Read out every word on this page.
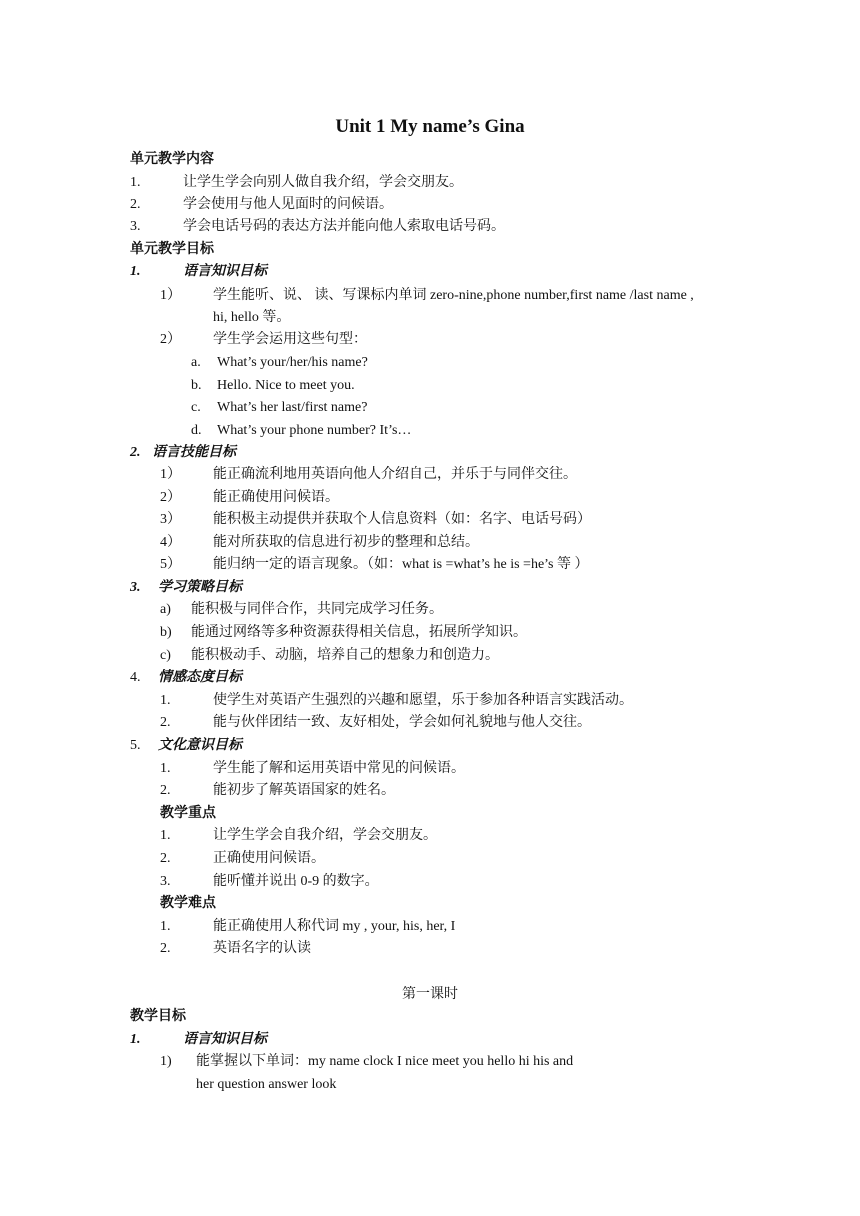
Unit 1 My name’s Gina
单元教学内容
1.	让学生学会向别人做自我介绍，学会交朋友。
2.	学会使用与他人见面时的问候语。
3.	学会电话号码的表达方法并能向他人索取电话号码。
单元教学目标
1.	语言知识目标
1） 学生能听、说、 读、写课标内单词 zero-nine,phone number,first name /last name ,
hi, hello 等。
2） 学生学会运用这些句型：
a. What’s your/her/his name?
b. Hello. Nice to meet you.
c. What’s her last/first name?
d. What’s your phone number? It’s…
2. 语言技能目标
1） 能正确流利地用英语向他人介绍自己，并乐于与同伴交往。
2） 能正确使用问候语。
3） 能积极主动提供并获取个人信息资料（如：名字、电话号码）
4） 能对所获取的信息进行初步的整理和总结。
5） 能归纳一定的语言现象。（如：what is =what’s he is =he’s 等 ）
3. 学习策略目标
a) 能积极与同伴合作，共同完成学习任务。
b) 能通过网络等多种资源获得相关信息，拓展所学知识。
c) 能积极动手、动脑，培养自己的想象力和创造力。
4. 情感态度目标
1.	使学生对英语产生强烈的兴趣和愿望，乐于参加各种语言实践活动。
2.	能与伙伴团结一致、友好相处，学会如何礼貌地与他人交往。
5. 文化意识目标
1.	学生能了解和运用英语中常见的问候语。
2.	能初步了解英语国家的姓名。
教学重点
1.	让学生学会自我介绍，学会交朋友。
2.	正确使用问候语。
3.	能听懂并说出 0-9 的数字。
教学难点
1.	能正确使用人称代词 my , your, his, her, I
2.	英语名字的认读
第一课时
教学目标
1.	语言知识目标
1) 能掌握以下单词：my name clock I nice meet you hello hi his and
her question answer look
